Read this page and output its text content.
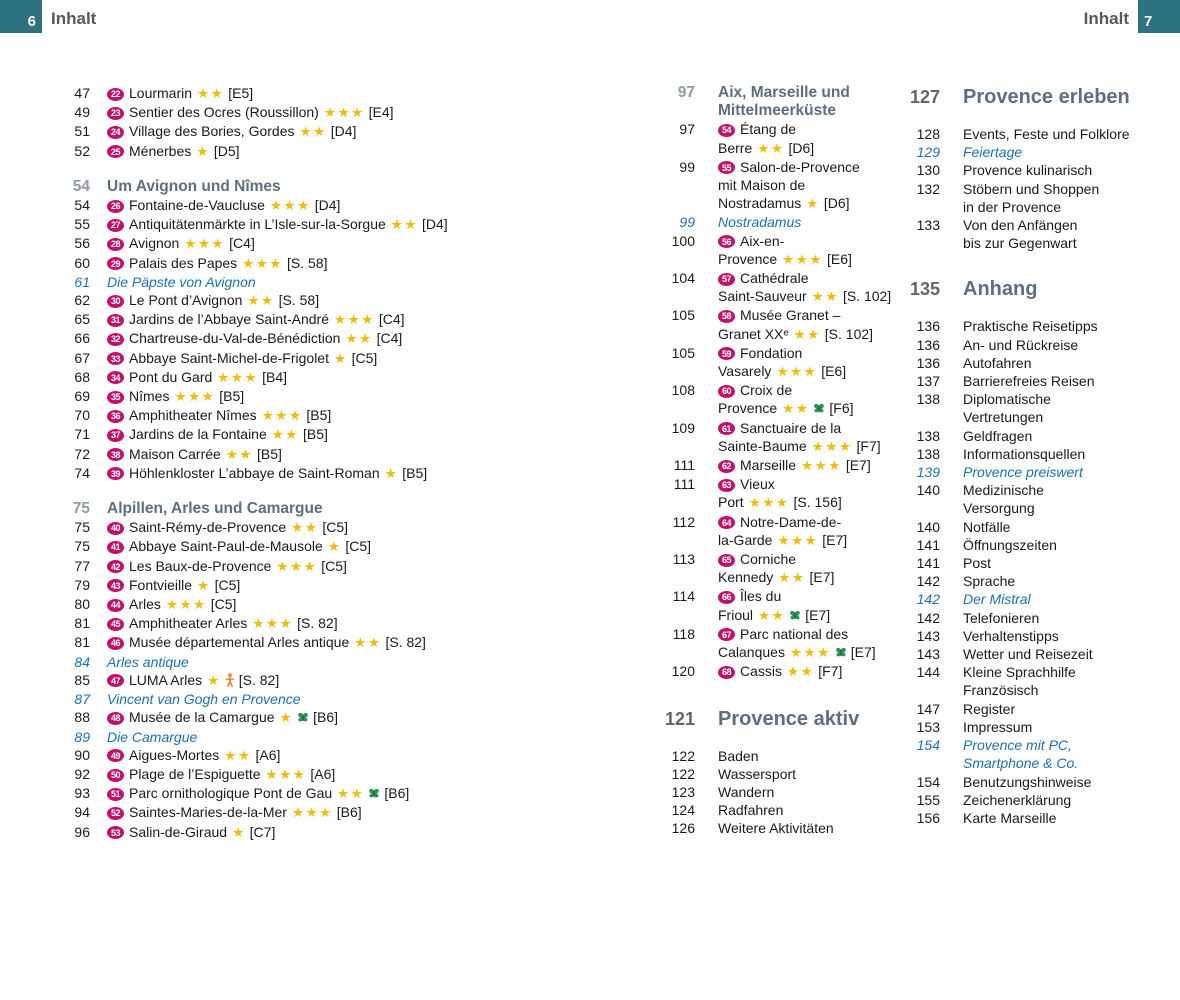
6 Inhalt	Inhalt 7
47	22 Lourmarin ★★ [E5]
49	23 Sentier des Ocres (Roussillon) ★★★ [E4]
51	24 Village des Bories, Gordes ★★ [D4]
52	25 Ménerbes ★ [D5]
54 Um Avignon und Nîmes
54	26 Fontaine-de-Vaucluse ★★★ [D4]
55	27 Antiquitätenmärkte in L’Isle-sur-la-Sorgue ★★ [D4]
56	28 Avignon ★★★ [C4]
60	29 Palais des Papes ★★★ [S. 58]
61 Die Päpste von Avignon
62	30 Le Pont d’Avignon ★★ [S. 58]
65	31 Jardins de l’Abbaye Saint-André ★★★ [C4]
66	32 Chartreuse-du-Val-de-Bénédiction ★★ [C4]
67	33 Abbaye Saint-Michel-de-Frigolet ★ [C5]
68	34 Pont du Gard ★★★ [B4]
69	35 Nîmes ★★★ [B5]
70	36 Amphitheater Nîmes ★★★ [B5]
71	37 Jardins de la Fontaine ★★ [B5]
72	38 Maison Carrée ★★ [B5]
74	39 Höhlenkloster L’abbaye de Saint-Roman ★ [B5]
75 Alpillen, Arles und Camargue
75	40 Saint-Rémy-de-Provence ★★ [C5]
75	41 Abbaye Saint-Paul-de-Mausole ★ [C5]
77	42 Les Baux-de-Provence ★★★ [C5]
79	43 Fontvieille ★ [C5]
80	44 Arles ★★★ [C5]
81	45 Amphitheater Arles ★★★ [S. 82]
81	46 Musée départemental Arles antique ★★ [S. 82]
84 Arles antique
85	47 LUMA Arles ★ [S. 82]
87 Vincent van Gogh en Provence
88	48 Musée de la Camargue ★ [B6]
89 Die Camargue
90	49 Aigues-Mortes ★★ [A6]
92	50 Plage de l’Espiguette ★★★ [A6]
93	51 Parc ornithologique Pont de Gau ★★ [B6]
94	52 Saintes-Maries-de-la-Mer ★★★ [B6]
96	53 Salin-de-Giraud ★ [C7]
97 Aix, Marseille und
Mittelmeerküste
97	54 Étang de
Berre ★★ [D6]
99	55 Salon-de-Provence
mit Maison de
Nostradamus ★ [D6]
99 Nostradamus
100	56 Aix-en-
Provence ★★★ [E6]
104	57 Cathédrale
Saint-Sauveur ★★ [S. 102]
105	58 Musée Granet –
Granet XXᵉ ★★ [S. 102]
105	59 Fondation
Vasarely ★★★ [E6]
108	60 Croix de
Provence ★★ [F6]
109	61 Sanctuaire de la
Sainte-Baume ★★★ [F7]
111	62 Marseille ★★★ [E7]
111	63 Vieux
Port ★★★ [S. 156]
112	64 Notre-Dame-de-
la-Garde ★★★ [E7]
113	65 Corniche
Kennedy ★★ [E7]
114	66 Îles du
Frioul ★★ [E7]
118	67 Parc national des
Calanques ★★★ [E7]
120	68 Cassis ★★ [F7]
121 Provence aktiv
122 Baden
122 Wassersport
123 Wandern
124 Radfahren
126 Weitere Aktivitäten
127 Provence erleben
128 Events, Feste und Folklore
129 Feiertage
130 Provence kulinarisch
132 Stöbern und Shoppen
in der Provence
133 Von den Anfängen
bis zur Gegenwart
135 Anhang
136 Praktische Reisetipps
136 An- und Rückreise
136 Autofahren
137 Barrierefreies Reisen
138 Diplomatische
Vertretungen
138 Geldfragen
138 Informationsquellen
139 Provence preiswert
140 Medizinische
Versorgung
140 Notfälle
141 Öffnungszeiten
141 Post
142 Sprache
142 Der Mistral
142 Telefonieren
143 Verhaltenstipps
143 Wetter und Reisezeit
144 Kleine Sprachhilfe
Französisch
147 Register
153 Impressum
154 Provence mit PC,
Smartphone & Co.
154 Benutzungshinweise
155 Zeichenerklärung
156 Karte Marseille
